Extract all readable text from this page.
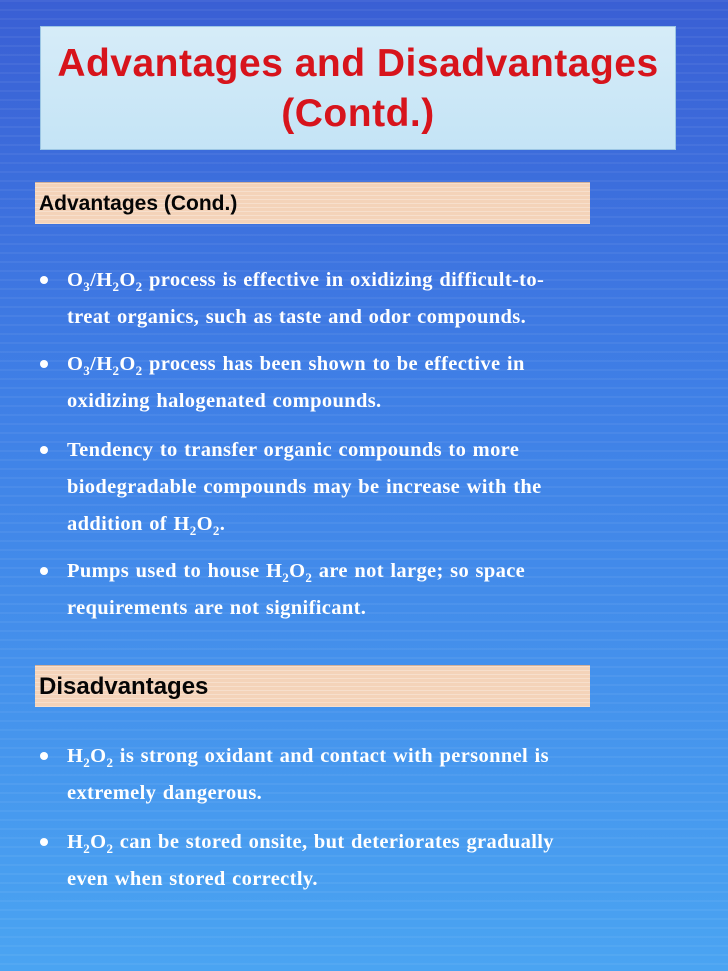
Advantages and Disadvantages
(Contd.)
Advantages (Cond.)
$O_3/H_2O_2$ process is effective in oxidizing difficult-to-
treat organics, such as taste and odor compounds.
$O_3/H_2O_2$ process has been shown to be effective in
oxidizing halogenated compounds.
Tendency to transfer organic compounds to more
biodegradable compounds may be increase with the
addition of $H_2O_2$.
Pumps used to house $H_2O_2$ are not large; so space
requirements are not significant.
Disadvantages
$H_2O_2$ is strong oxidant and contact with personnel is
extremely dangerous.
$H_2O_2$ can be stored onsite, but deteriorates gradually
even when stored correctly.
